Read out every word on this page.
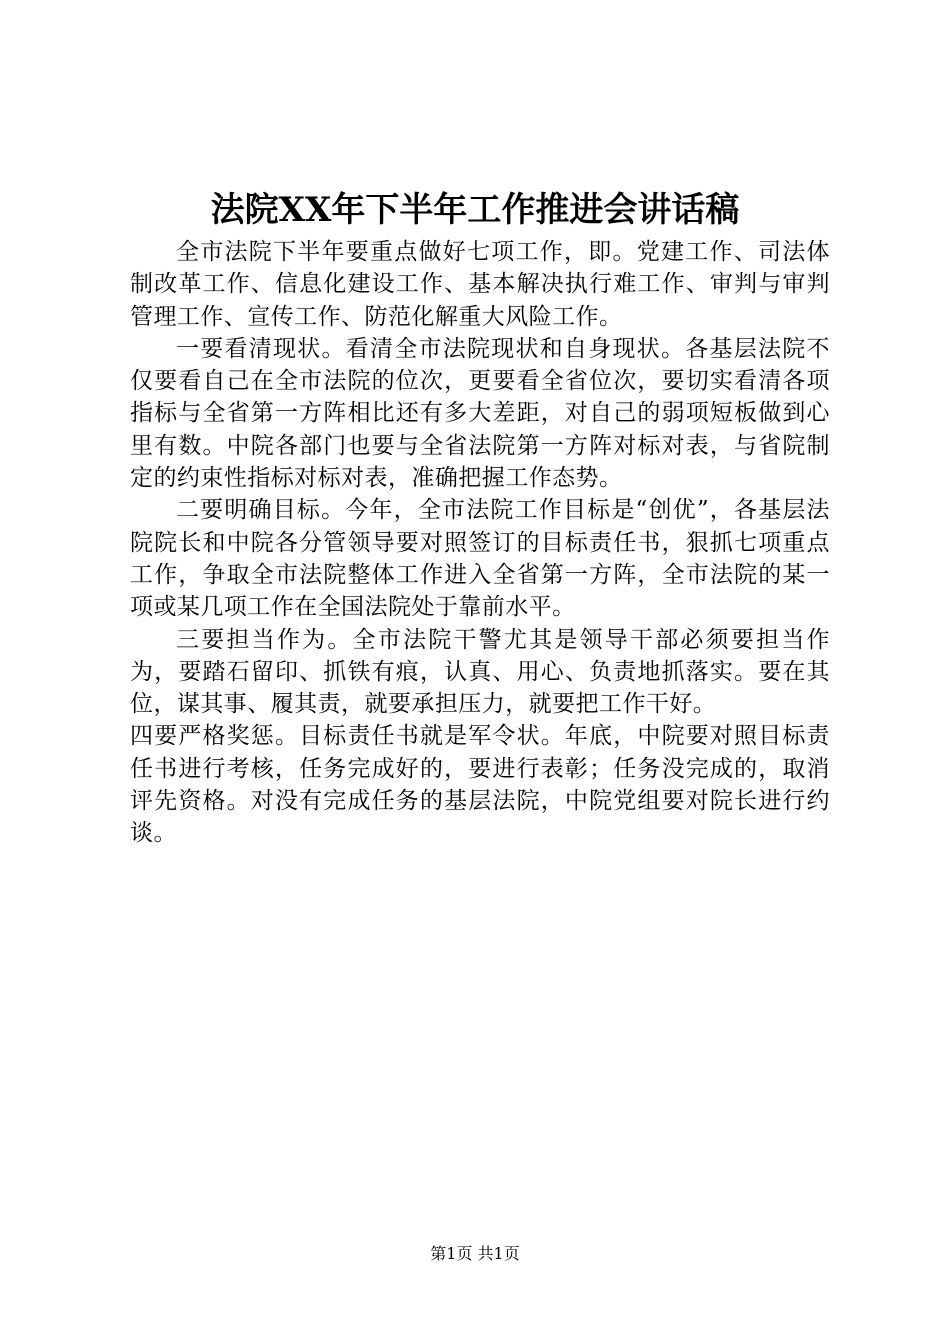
法院XX年下半年工作推进会讲话稿

全市法院下半年要重点做好七项工作，即。党建工作、司法体制改革工作、信息化建设工作、基本解决执行难工作、审判与审判管理工作、宣传工作、防范化解重大风险工作。

一要看清现状。看清全市法院现状和自身现状。各基层法院不仅要看自己在全市法院的位次，更要看全省位次，要切实看清各项指标与全省第一方阵相比还有多大差距，对自己的弱项短板做到心里有数。中院各部门也要与全省法院第一方阵对标对表，与省院制定的约束性指标对标对表，准确把握工作态势。

二要明确目标。今年，全市法院工作目标是“创优”，各基层法院院长和中院各分管领导要对照签订的目标责任书，狠抓七项重点工作，争取全市法院整体工作进入全省第一方阵，全市法院的某一项或某几项工作在全国法院处于靠前水平。

三要担当作为。全市法院干警尤其是领导干部必须要担当作为，要踏石留印、抓铁有痕，认真、用心、负责地抓落实。要在其位，谋其事、履其责，就要承担压力，就要把工作干好。

四要严格奖惩。目标责任书就是军令状。年底，中院要对照目标责任书进行考核，任务完成好的，要进行表彰；任务没完成的，取消评先资格。对没有完成任务的基层法院，中院党组要对院长进行约谈。

第1页 共1页
